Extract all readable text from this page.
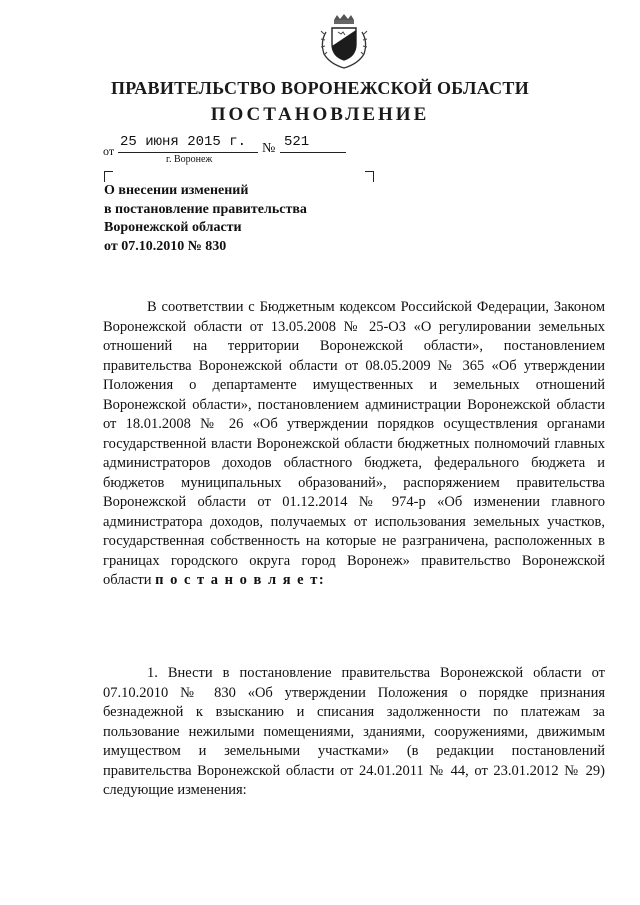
ПРАВИТЕЛЬСТВО ВОРОНЕЖСКОЙ ОБЛАСТИ
ПОСТАНОВЛЕНИЕ
от
25 июня 2015 г. № 521
г. Воронеж
О внесении изменений
в постановление правительства
Воронежской области
от 07.10.2010 № 830
В соответствии с Бюджетным кодексом Российской Федерации, Законом Воронежской области от 13.05.2008 № 25-ОЗ «О регулировании земельных отношений на территории Воронежской области», постановлением правительства Воронежской области от 08.05.2009 № 365 «Об утверждении Положения о департаменте имущественных и земельных отношений Воронежской области», постановлением администрации Воронежской области от 18.01.2008 № 26 «Об утверждении порядков осуществления органами государственной власти Воронежской области бюджетных полномочий главных администраторов доходов областного бюджета, федерального бюджета и бюджетов муниципальных образований», распоряжением правительства Воронежской области от 01.12.2014 № 974-р «Об изменении главного администратора доходов, получаемых от использования земельных участков, государственная собственность на которые не разграничена, расположенных в границах городского округа город Воронеж» правительство Воронежской области п о с т а н о в л я е т:
1. Внести в постановление правительства Воронежской области от 07.10.2010 № 830 «Об утверждении Положения о порядке признания безнадежной к взысканию и списания задолженности по платежам за пользование нежилыми помещениями, зданиями, сооружениями, движимым имуществом и земельными участками» (в редакции постановлений правительства Воронежской области от 24.01.2011 № 44, от 23.01.2012 № 29) следующие изменения:
